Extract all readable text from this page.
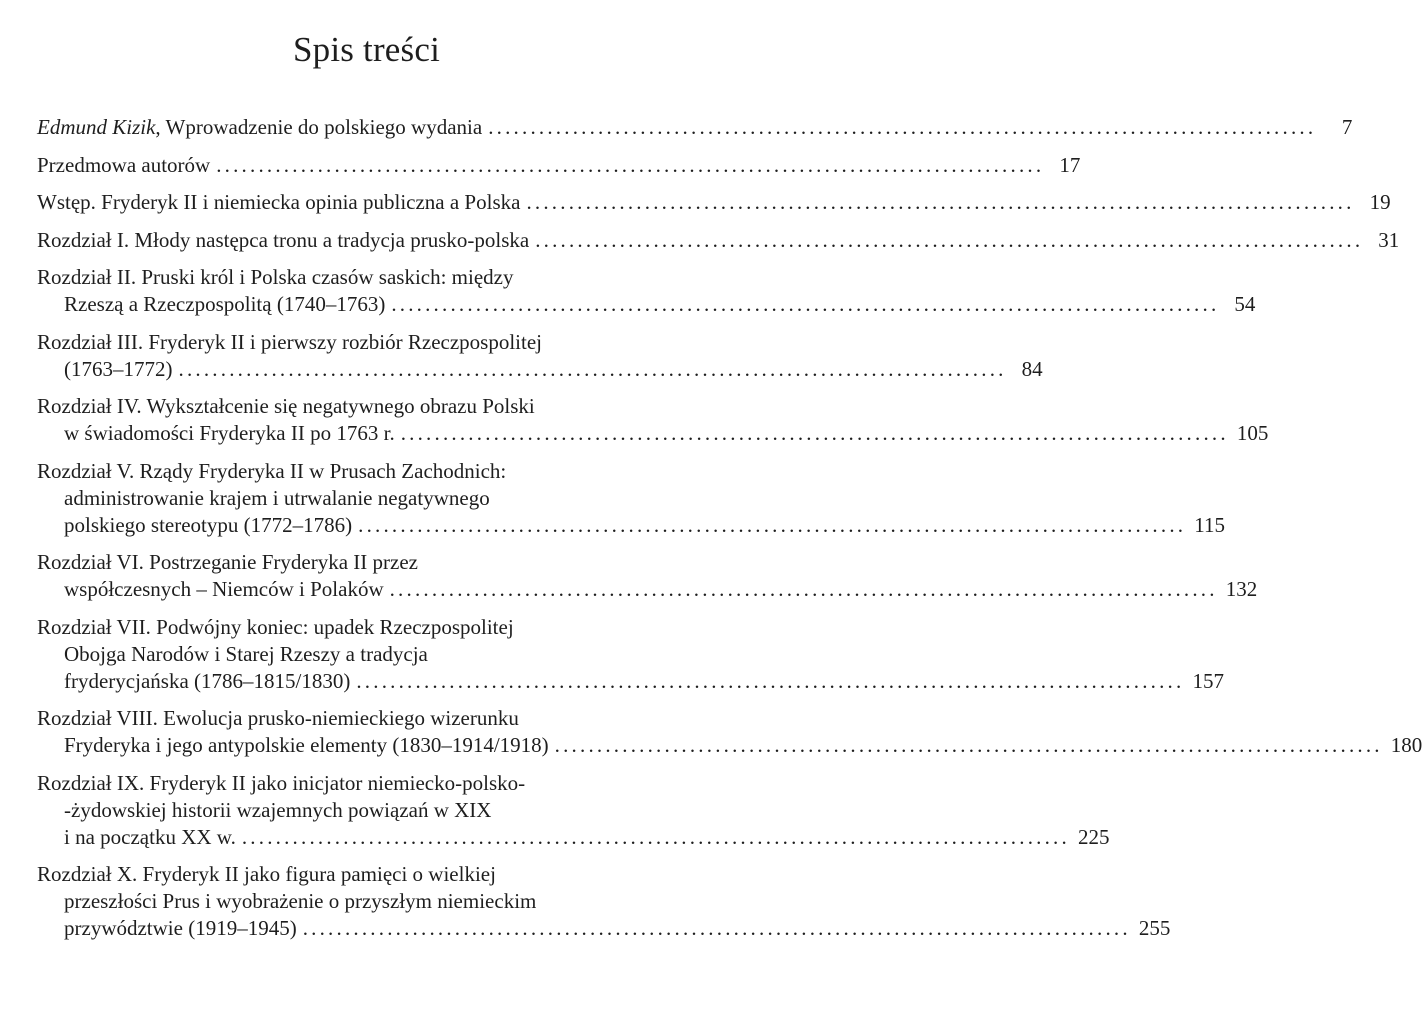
Spis treści
Edmund Kizik, Wprowadzenie do polskiego wydania ..................................................................................................	7
Przedmowa autorów .................................................................................................. 17
Wstęp. Fryderyk II i niemiecka opinia publiczna a Polska .................................................................................................. 19
Rozdział I. Młody następca tronu a tradycja prusko-polska .................................................................................................. 31
Rozdział II. Pruski król i Polska czasów saskich: między
Rzeszą a Rzeczpospolitą (1740–1763) .................................................................................................. 54
Rozdział III. Fryderyk II i pierwszy rozbiór Rzeczpospolitej
(1763–1772) .................................................................................................. 84
Rozdział IV. Wykształcenie się negatywnego obrazu Polski
w świadomości Fryderyka II po 1763 r. .................................................................................................. 105
Rozdział V. Rządy Fryderyka II w Prusach Zachodnich:
administrowanie krajem i utrwalanie negatywnego
polskiego stereotypu (1772–1786) .................................................................................................. 115
Rozdział VI. Postrzeganie Fryderyka II przez
współczesnych – Niemców i Polaków .................................................................................................. 132
Rozdział VII. Podwójny koniec: upadek Rzeczpospolitej
Obojga Narodów i Starej Rzeszy a tradycja
fryderycjańska (1786–1815/1830) .................................................................................................. 157
Rozdział VIII. Ewolucja prusko-niemieckiego wizerunku
Fryderyka i jego antypolskie elementy (1830–1914/1918) .................................................................................................. 180
Rozdział IX. Fryderyk II jako inicjator niemiecko-polsko-
-żydowskiej historii wzajemnych powiązań w XIX
i na początku XX w. .................................................................................................. 225
Rozdział X. Fryderyk II jako figura pamięci o wielkiej
przeszłości Prus i wyobrażenie o przyszłym niemieckim
przywództwie (1919–1945) .................................................................................................. 255
